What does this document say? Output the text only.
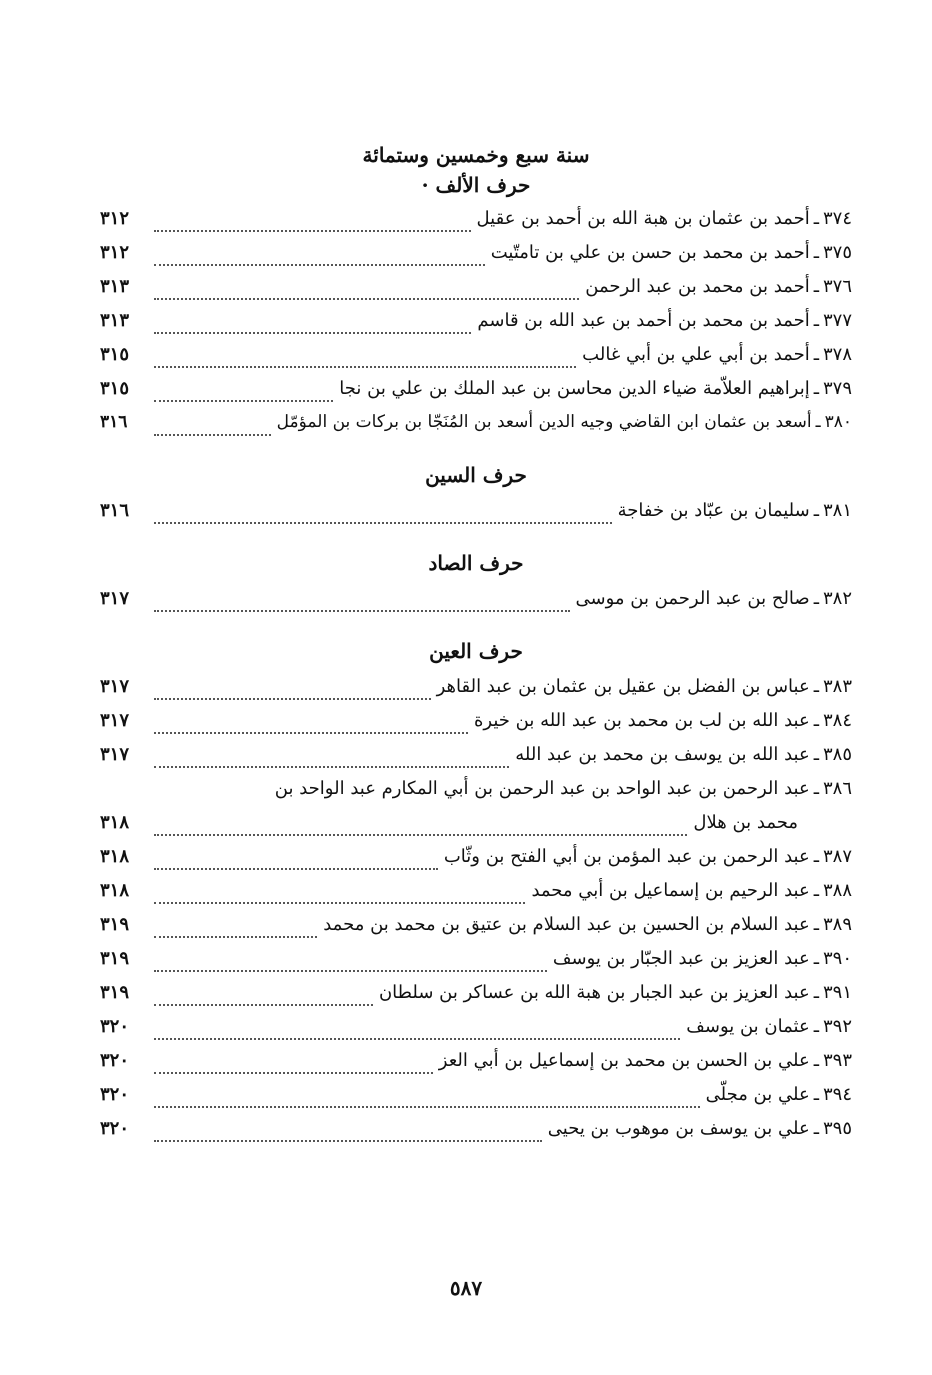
سنة سبع وخمسين وستمائة
حرف الألف ·
٣٧٤
ـ
أحمد بن عثمان بن هبة الله بن أحمد بن عقيل
٣١٢
٣٧٥
ـ
أحمد بن محمد بن حسن بن علي بن تامتّيت
٣١٢
٣٧٦
ـ
أحمد بن محمد بن عبد الرحمن
٣١٣
٣٧٧
ـ
أحمد بن محمد بن أحمد بن عبد الله بن قاسم
٣١٣
٣٧٨
ـ
أحمد بن أبي علي بن أبي غالب
٣١٥
٣٧٩
ـ
إبراهيم العلاّمة ضياء الدين محاسن بن عبد الملك بن علي بن نجا
٣١٥
٣٨٠
ـ
أسعد بن عثمان ابن القاضي وجيه الدين أسعد بن المُنَجّا بن بركات بن المؤمّل
٣١٦
حرف السين
٣٨١
ـ
سليمان بن عبّاد بن خفاجة
٣١٦
حرف الصاد
٣٨٢
ـ
صالح بن عبد الرحمن بن موسى
٣١٧
حرف العين
٣٨٣
ـ
عباس بن الفضل بن عقيل بن عثمان بن عبد القاهر
٣١٧
٣٨٤
ـ
عبد الله بن لب بن محمد بن عبد الله بن خيرة
٣١٧
٣٨٥
ـ
عبد الله بن يوسف بن محمد بن عبد الله
٣١٧
٣٨٦
ـ
عبد الرحمن بن عبد الواحد بن عبد الرحمن بن أبي المكارم عبد الواحد بن
محمد بن هلال
٣١٨
٣٨٧
ـ
عبد الرحمن بن عبد المؤمن بن أبي الفتح بن وثّاب
٣١٨
٣٨٨
ـ
عبد الرحيم بن إسماعيل بن أبي محمد
٣١٨
٣٨٩
ـ
عبد السلام بن الحسين بن عبد السلام بن عتيق بن محمد بن محمد
٣١٩
٣٩٠
ـ
عبد العزيز بن عبد الجبّار بن يوسف
٣١٩
٣٩١
ـ
عبد العزيز بن عبد الجبار بن هبة الله بن عساكر بن سلطان
٣١٩
٣٩٢
ـ
عثمان بن يوسف
٣٢٠
٣٩٣
ـ
علي بن الحسن بن محمد بن إسماعيل بن أبي العز
٣٢٠
٣٩٤
ـ
علي بن مجلّى
٣٢٠
٣٩٥
ـ
علي بن يوسف بن موهوب بن يحيى
٣٢٠
٥٨٧
